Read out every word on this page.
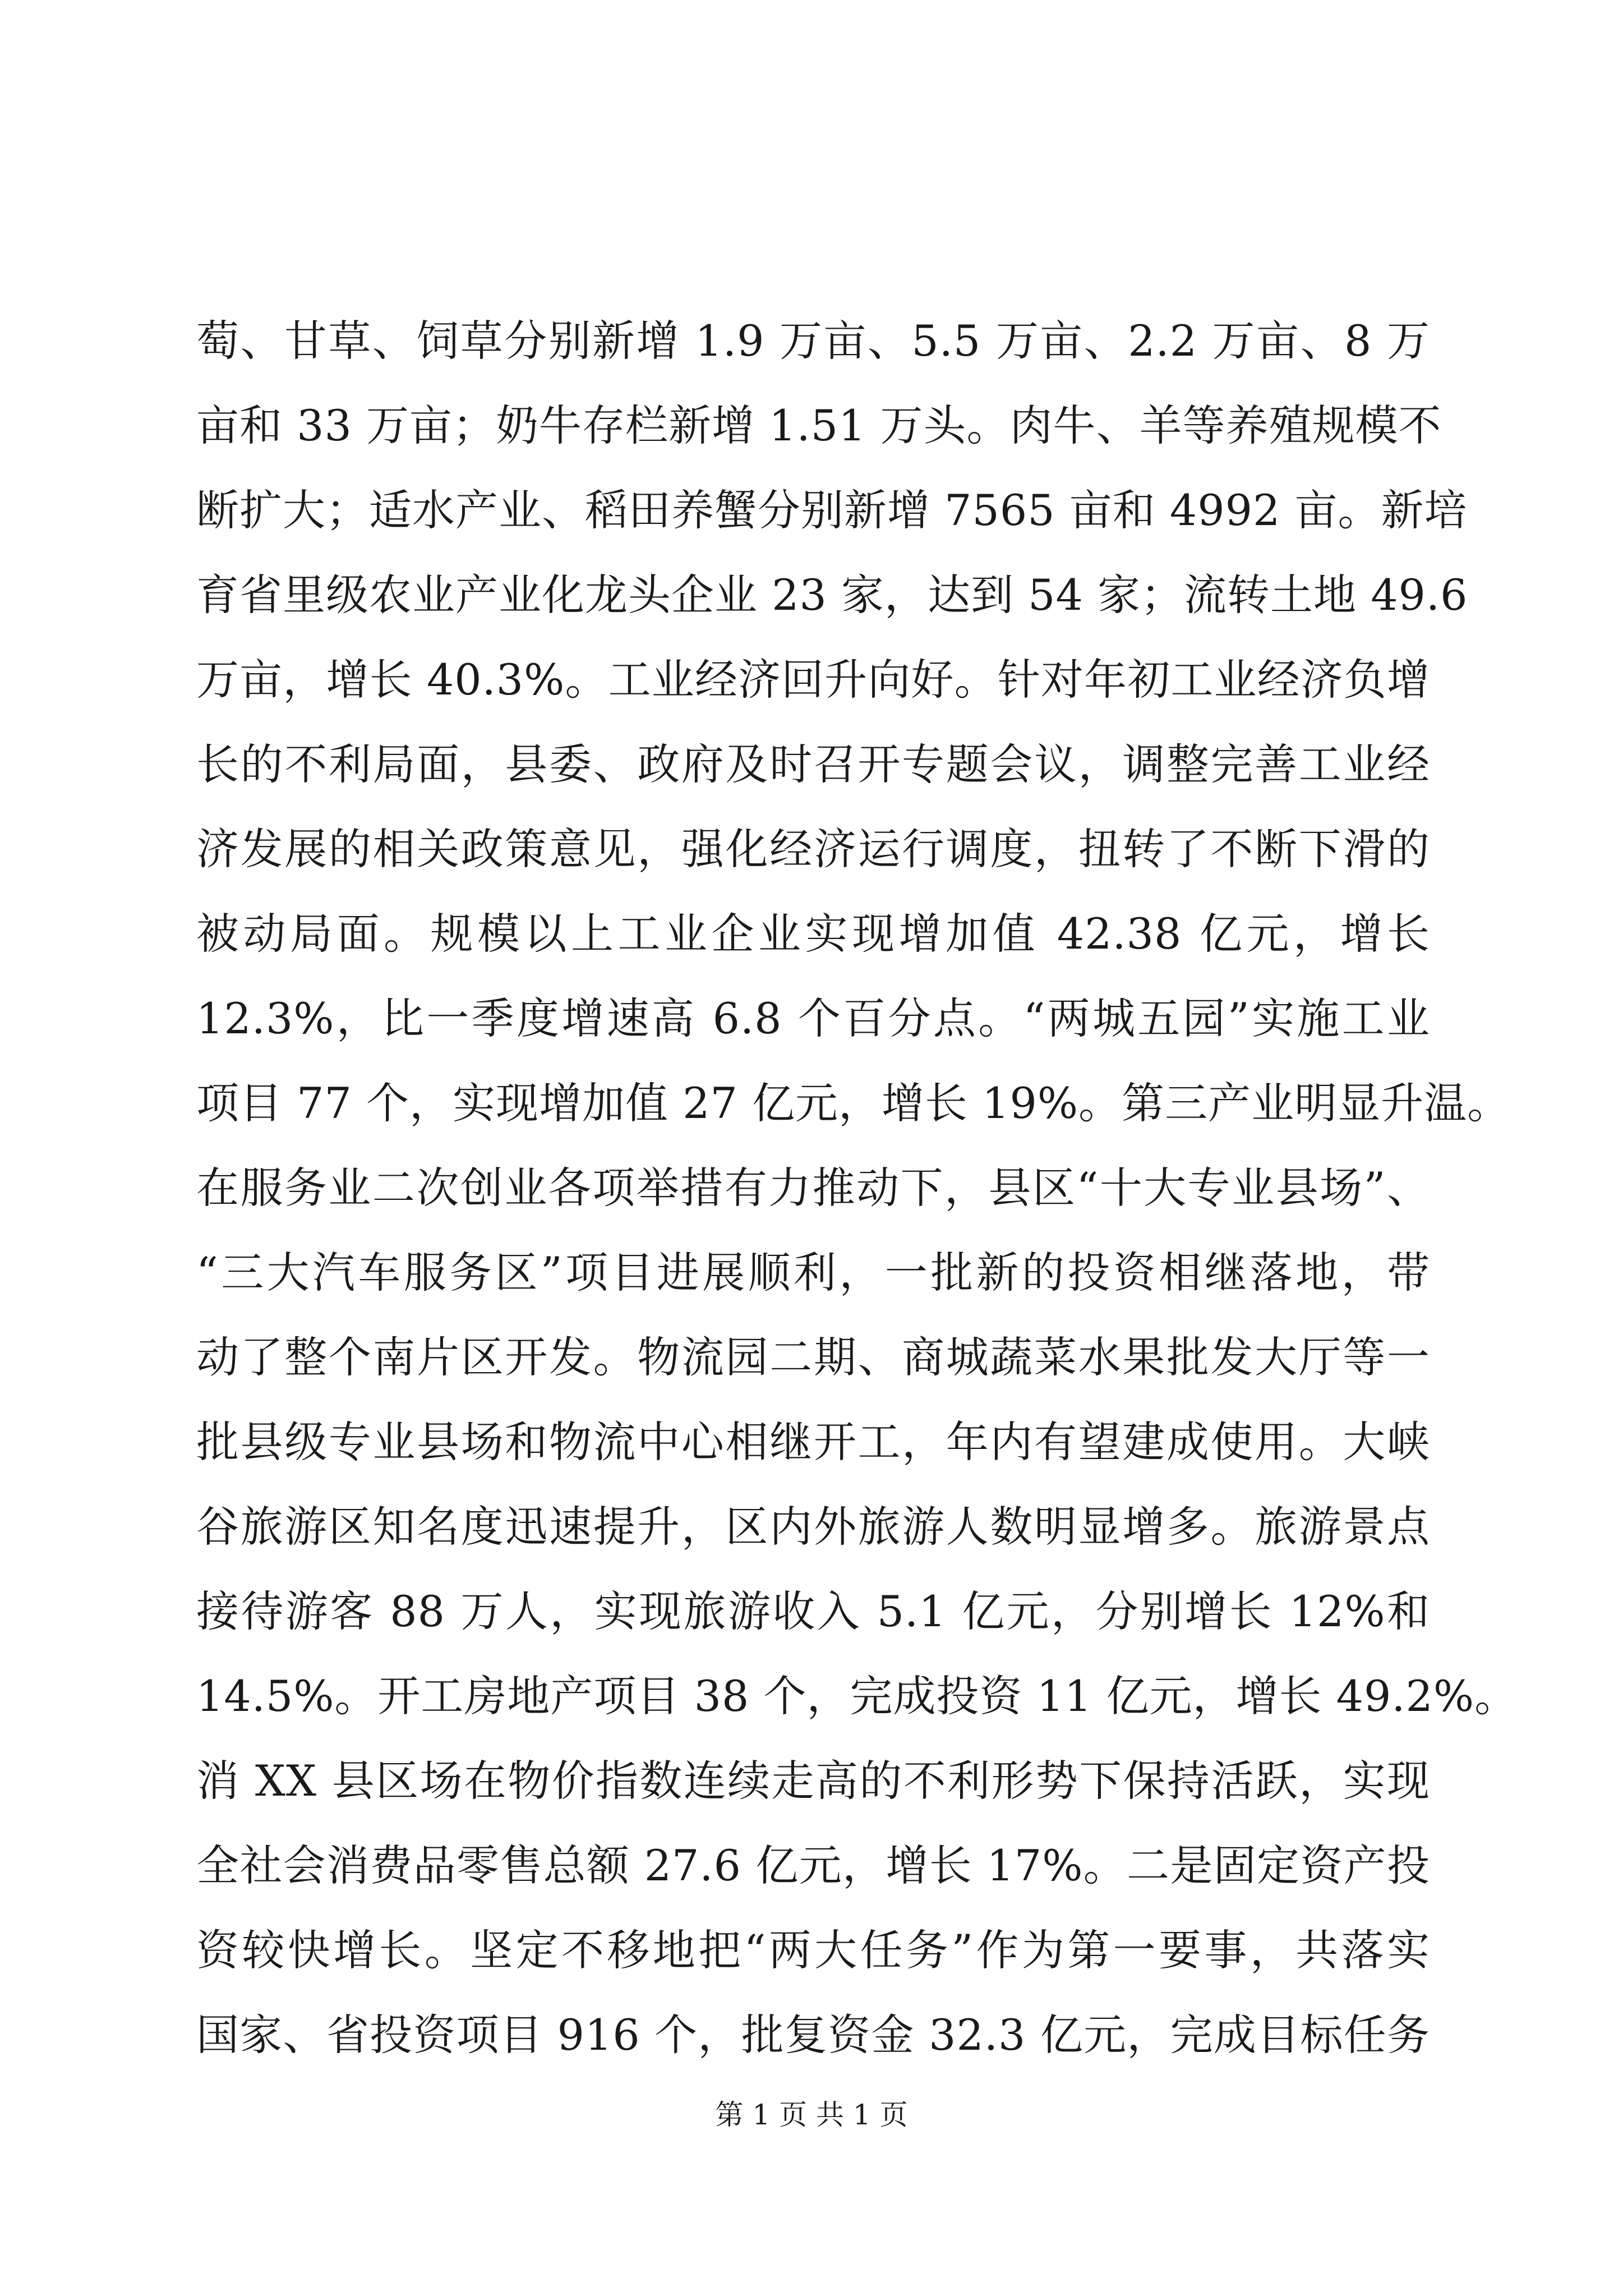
萄、甘草、饲草分别新增 1.9 万亩、5.5 万亩、2.2 万亩、8 万
亩和 33 万亩；奶牛存栏新增 1.51 万头。肉牛、羊等养殖规模不
断扩大；适水产业、稻田养蟹分别新增 7565 亩和 4992 亩。新培
育省里级农业产业化龙头企业 23 家，达到 54 家；流转土地 49.6
万亩，增长 40.3%。工业经济回升向好。针对年初工业经济负增
长的不利局面，县委、政府及时召开专题会议，调整完善工业经
济发展的相关政策意见，强化经济运行调度，扭转了不断下滑的
被动局面。规模以上工业企业实现增加值 42.38 亿元，增长
12.3%，比一季度增速高 6.8 个百分点。“两城五园”实施工业
项目 77 个，实现增加值 27 亿元，增长 19%。第三产业明显升温。
在服务业二次创业各项举措有力推动下，县区“十大专业县场”、
“三大汽车服务区”项目进展顺利，一批新的投资相继落地，带
动了整个南片区开发。物流园二期、商城蔬菜水果批发大厅等一
批县级专业县场和物流中心相继开工，年内有望建成使用。大峡
谷旅游区知名度迅速提升，区内外旅游人数明显增多。旅游景点
接待游客 88 万人，实现旅游收入 5.1 亿元，分别增长 12%和
14.5%。开工房地产项目 38 个，完成投资 11 亿元，增长 49.2%。
消 XX 县区场在物价指数连续走高的不利形势下保持活跃，实现
全社会消费品零售总额 27.6 亿元，增长 17%。二是固定资产投
资较快增长。坚定不移地把“两大任务”作为第一要事，共落实
国家、省投资项目 916 个，批复资金 32.3 亿元，完成目标任务
第 1 页 共 1 页
